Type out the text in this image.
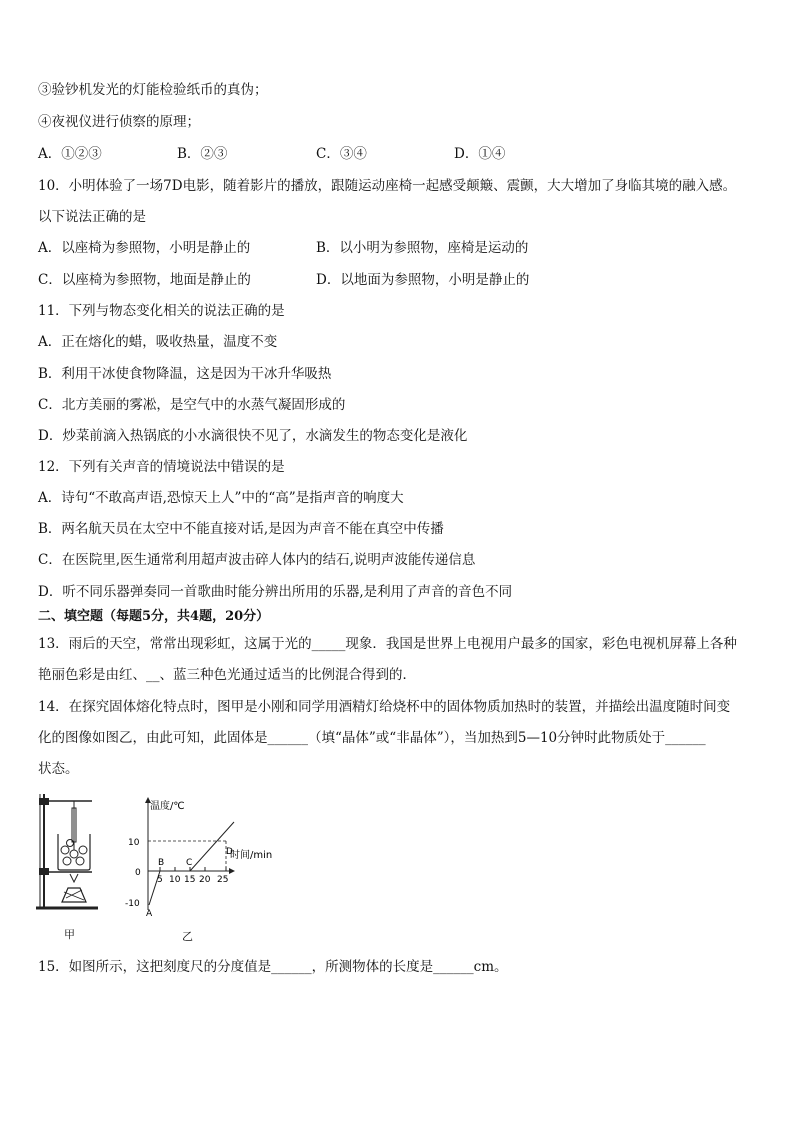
③验钞机发光的灯能检验纸币的真伪；
④夜视仪进行侦察的原理；
A．①②③	B．②③	C．③④	D．①④
10．小明体验了一场7D电影，随着影片的播放，跟随运动座椅一起感受颠簸、震颤，大大增加了身临其境的融入感。
以下说法正确的是
A．以座椅为参照物，小明是静止的	B．以小明为参照物，座椅是运动的
C．以座椅为参照物，地面是静止的	D．以地面为参照物，小明是静止的
11．下列与物态变化相关的说法正确的是
A．正在熔化的蜡，吸收热量，温度不变
B．利用干冰使食物降温，这是因为干冰升华吸热
C．北方美丽的雾凇，是空气中的水蒸气凝固形成的
D．炒菜前滴入热锅底的小水滴很快不见了，水滴发生的物态变化是液化
12．下列有关声音的情境说法中错误的是
A．诗句“不敢高声语,恐惊天上人”中的“高”是指声音的响度大
B．两名航天员在太空中不能直接对话,是因为声音不能在真空中传播
C．在医院里,医生通常利用超声波击碎人体内的结石,说明声波能传递信息
D．听不同乐器弹奏同一首歌曲时能分辨出所用的乐器,是利用了声音的音色不同
二、填空题（每题5分，共4题，20分）
13．雨后的天空，常常出现彩虹，这属于光的_____现象．我国是世界上电视用户最多的国家，彩色电视机屏幕上各种
艳丽色彩是由红、__、蓝三种色光通过适当的比例混合得到的．
14．在探究固体熔化特点时，图甲是小刚和同学用酒精灯给烧杯中的固体物质加热时的装置，并描绘出温度随时间变
化的图像如图乙，由此可知，此固体是______（填“晶体”或“非晶体”），当加热到5—10分钟时此物质处于______
状态。
甲
温度/℃
时间/min
10
0
-10
5 10 15 20 25
A
B C
D
乙
15．如图所示，这把刻度尺的分度值是______，所测物体的长度是______cm。
